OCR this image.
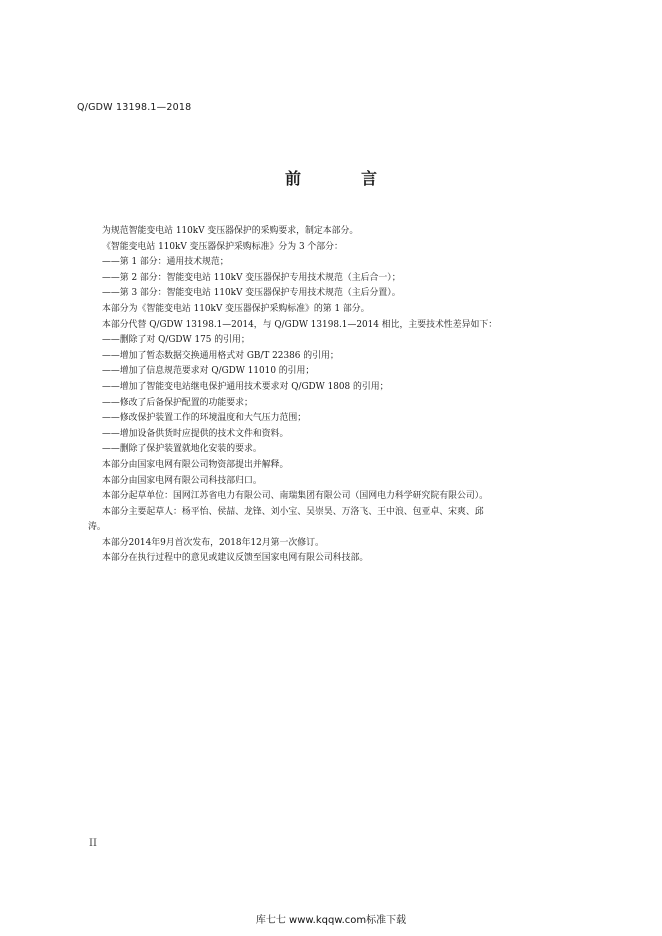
Q/GDW 13198.1—2018
前　言

为规范智能变电站 110kV 变压器保护的采购要求，制定本部分。

《智能变电站 110kV 变压器保护采购标准》分为 3 个部分：

——第 1 部分：通用技术规范；

——第 2 部分：智能变电站 110kV 变压器保护专用技术规范（主后合一）；

——第 3 部分：智能变电站 110kV 变压器保护专用技术规范（主后分置）。

本部分为《智能变电站 110kV 变压器保护采购标准》的第 1 部分。

本部分代替 Q/GDW 13198.1—2014，与 Q/GDW 13198.1—2014 相比，主要技术性差异如下：

——删除了对 Q/GDW 175 的引用；

——增加了暂态数据交换通用格式对 GB/T 22386 的引用；

——增加了信息规范要求对 Q/GDW 11010 的引用；

——增加了智能变电站继电保护通用技术要求对 Q/GDW 1808 的引用；

——修改了后备保护配置的功能要求；

——修改保护装置工作的环境温度和大气压力范围；

——增加设备供货时应提供的技术文件和资料。

——删除了保护装置就地化安装的要求。

本部分由国家电网有限公司物资部提出并解释。

本部分由国家电网有限公司科技部归口。

本部分起草单位：国网江苏省电力有限公司、南瑞集团有限公司（国网电力科学研究院有限公司）。

本部分主要起草人：杨平怡、侯喆、龙锋、刘小宝、吴崇昊、万洛飞、王中浪、包亚卓、宋爽、邱

涛。

本部分2014年9月首次发布，2018年12月第一次修订。

本部分在执行过程中的意见或建议反馈至国家电网有限公司科技部。

II
库七七 www.kqqw.com标准下载
